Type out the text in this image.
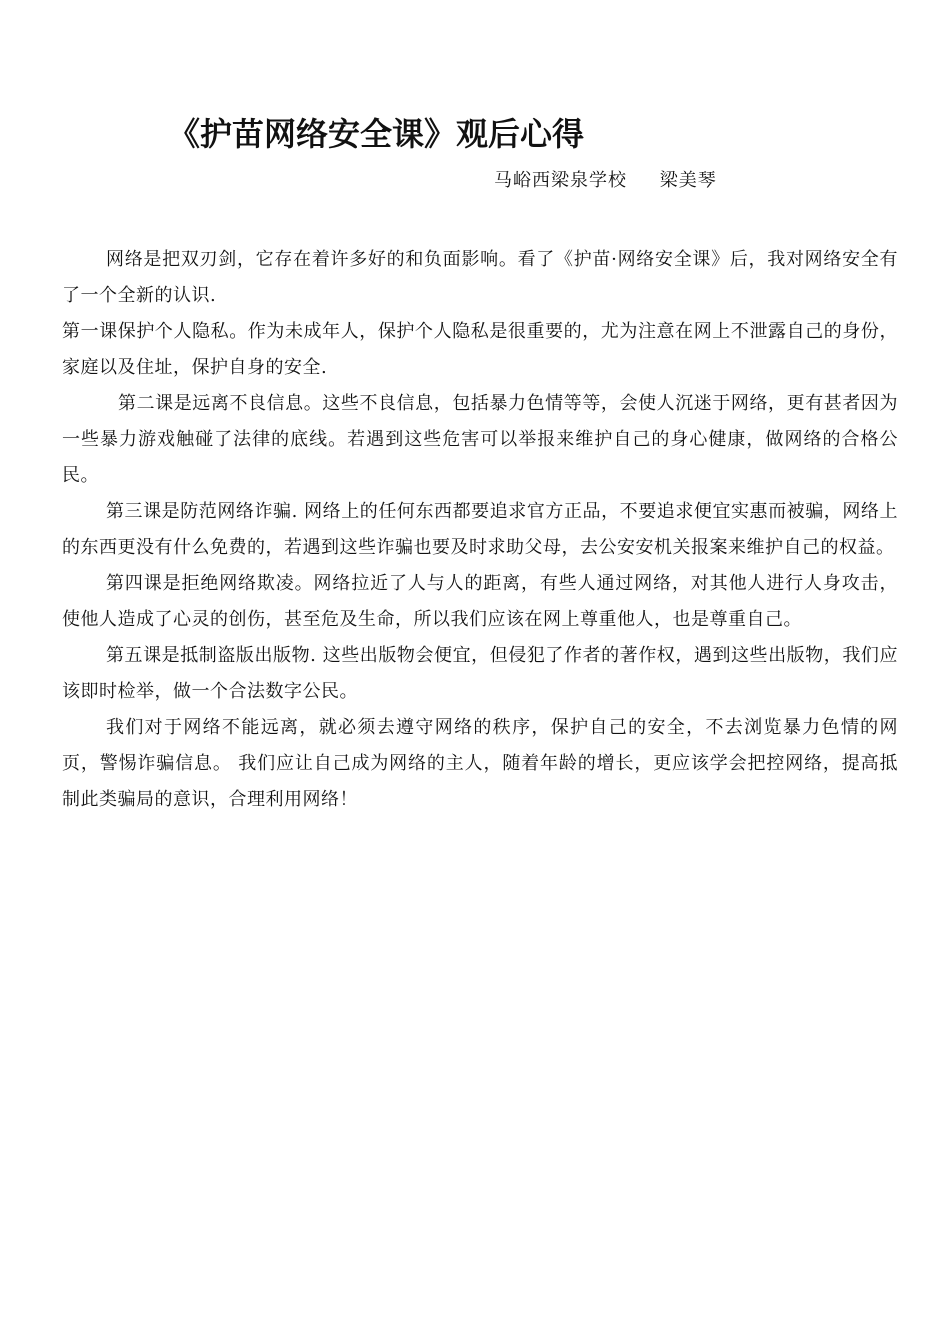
《护苗网络安全课》观后心得
马峪西梁泉学校 梁美琴

网络是把双刃剑，它存在着许多好的和负面影响。看了《护苗·网络安全课》后，我对网络安全有了一个全新的认识.

第一课保护个人隐私。作为未成年人，保护个人隐私是很重要的，尤为注意在网上不泄露自己的身份，家庭以及住址，保护自身的安全.

第二课是远离不良信息。这些不良信息，包括暴力色情等等，会使人沉迷于网络，更有甚者因为一些暴力游戏触碰了法律的底线。若遇到这些危害可以举报来维护自己的身心健康，做网络的合格公民。

第三课是防范网络诈骗. 网络上的任何东西都要追求官方正品，不要追求便宜实惠而被骗，网络上的东西更没有什么免费的，若遇到这些诈骗也要及时求助父母，去公安安机关报案来维护自己的权益。

第四课是拒绝网络欺凌。网络拉近了人与人的距离，有些人通过网络，对其他人进行人身攻击，使他人造成了心灵的创伤，甚至危及生命，所以我们应该在网上尊重他人，也是尊重自己。

第五课是抵制盗版出版物. 这些出版物会便宜，但侵犯了作者的著作权，遇到这些出版物，我们应该即时检举，做一个合法数字公民。

我们对于网络不能远离，就必须去遵守网络的秩序，保护自己的安全，不去浏览暴力色情的网页，警惕诈骗信息。 我们应让自己成为网络的主人，随着年龄的增长，更应该学会把控网络，提高抵制此类骗局的意识，合理利用网络！
